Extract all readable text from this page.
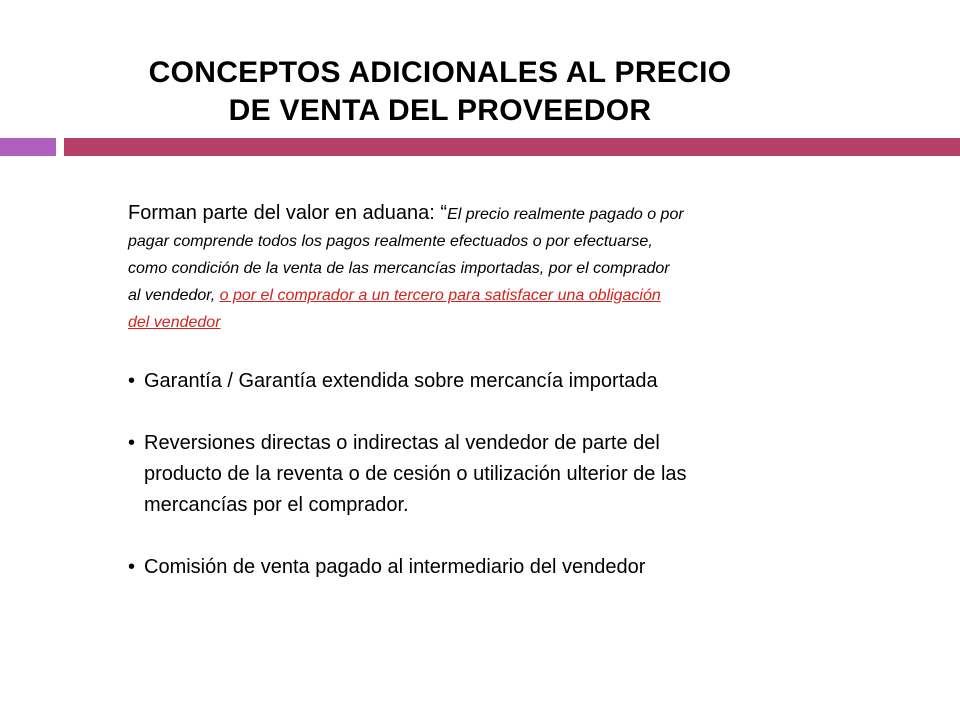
CONCEPTOS ADICIONALES AL PRECIO
DE VENTA DEL PROVEEDOR
Forman parte del valor en aduana: “El precio realmente pagado o por
pagar comprende todos los pagos realmente efectuados o por efectuarse,
como condición de la venta de las mercancías importadas, por el comprador
al vendedor, o por el comprador a un tercero para satisfacer una obligación
del vendedor
• Garantía / Garantía extendida sobre mercancía importada
• Reversiones directas o indirectas al vendedor de parte del
producto de la reventa o de cesión o utilización ulterior de las
mercancías por el comprador.
• Comisión de venta pagado al intermediario del vendedor
